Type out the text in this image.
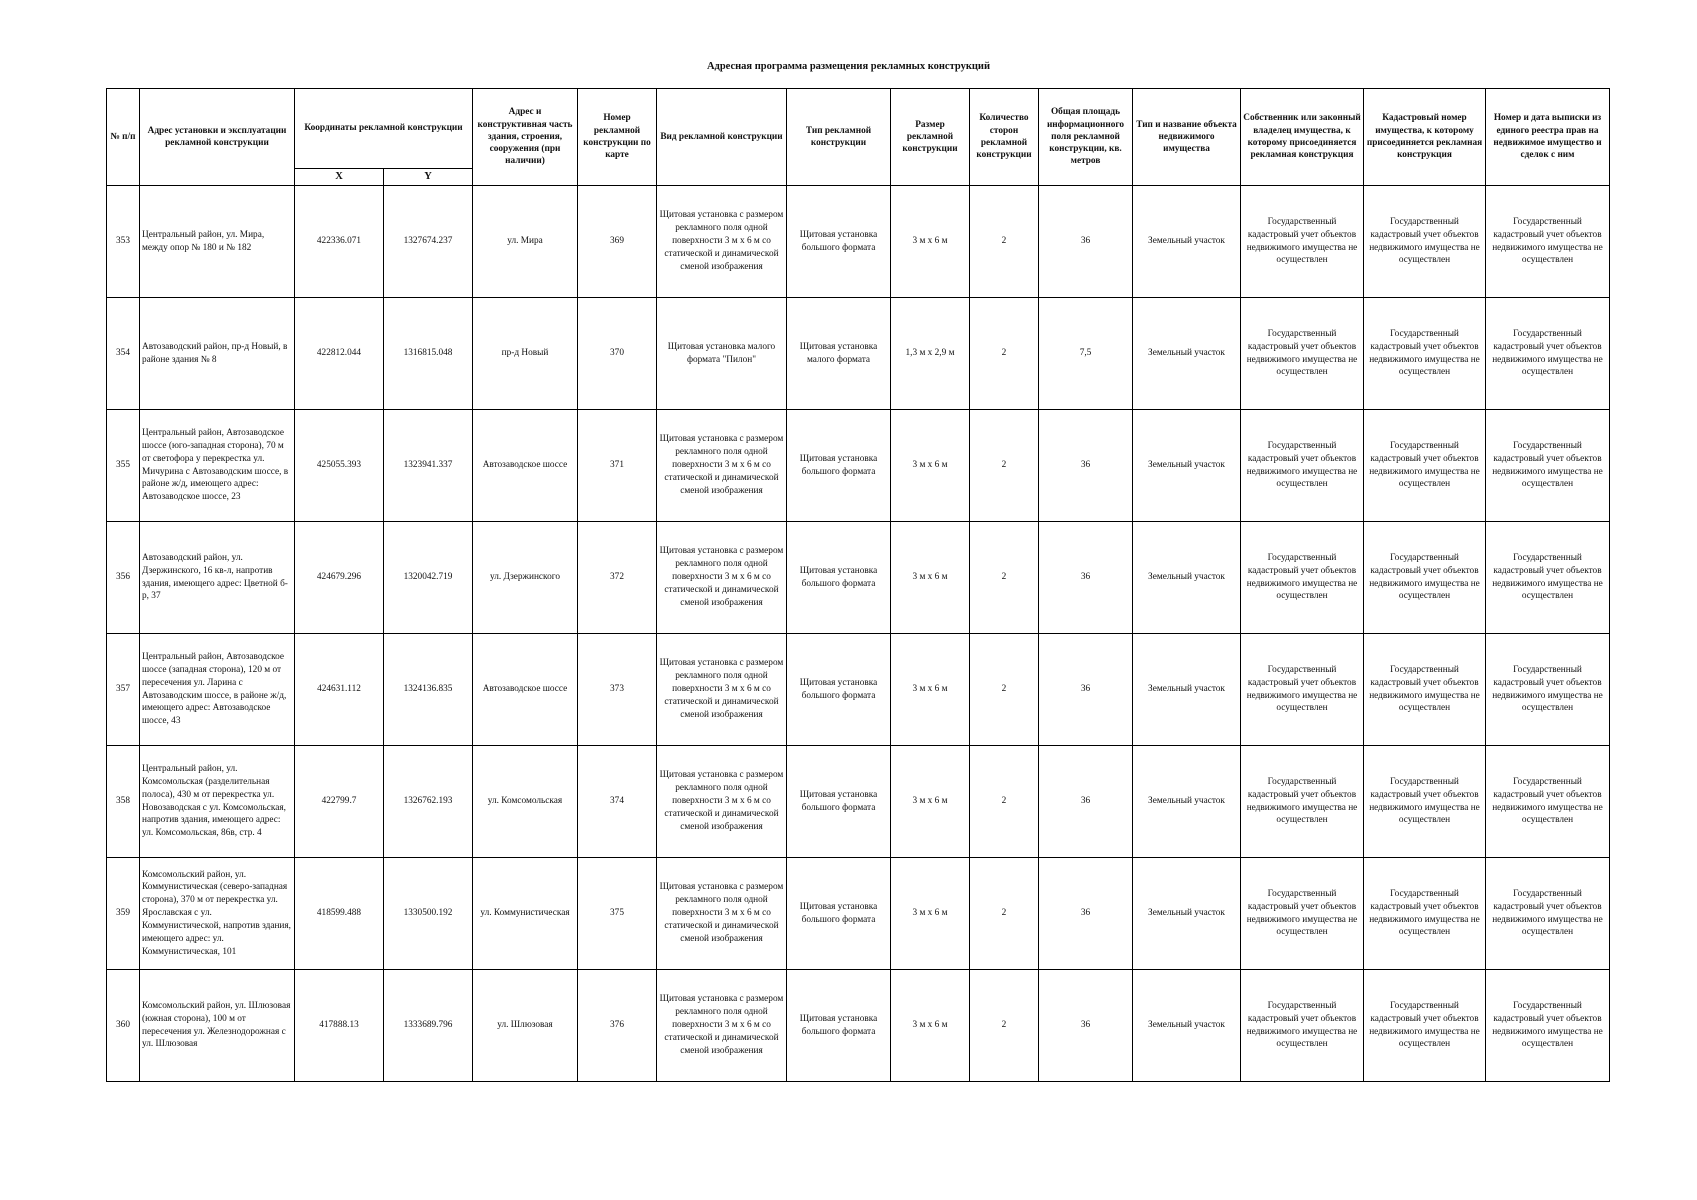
Адресная программа размещения рекламных конструкций
№ п/п	Адрес установки и эксплуатации рекламной конструкции	Координаты рекламной конструкции		Адрес и конструктивная часть здания, строения, сооружения (при наличии)	Номер рекламной конструкции по карте	Вид рекламной конструкции	Тип рекламной конструкции	Размер рекламной конструкции	Количество сторон рекламной конструкции	Общая площадь информационного поля рекламной конструкции, кв. метров	Тип и название объекта недвижимого имущества	Собственник или законный владелец имущества, к которому присоединяется рекламная конструкция	Кадастровый номер имущества, к которому присоединяется рекламная конструкция	Номер и дата выписки из единого реестра прав на недвижимое имущество и сделок с ним
		X	Y											
353	Центральный район, ул. Мира, между опор № 180 и № 182	422336.071	1327674.237	ул. Мира	369	Щитовая установка с размером рекламного поля одной поверхности 3 м х 6 м со статической и динамической сменой изображения	Щитовая установка большого формата	3 м х 6 м	2	36	Земельный участок	Государственный кадастровый учет объектов недвижимого имущества не осуществлен	Государственный кадастровый учет объектов недвижимого имущества не осуществлен	Государственный кадастровый учет объектов недвижимого имущества не осуществлен
354	Автозаводский район, пр-д Новый, в районе здания № 8	422812.044	1316815.048	пр-д Новый	370	Щитовая установка малого формата "Пилон"	Щитовая установка малого формата	1,3 м х 2,9 м	2	7,5	Земельный участок	Государственный кадастровый учет объектов недвижимого имущества не осуществлен	Государственный кадастровый учет объектов недвижимого имущества не осуществлен	Государственный кадастровый учет объектов недвижимого имущества не осуществлен
355	Центральный район, Автозаводское шоссе (юго-западная сторона), 70 м от светофора у перекрестка ул. Мичурина с Автозаводским шоссе, в районе ж/д, имеющего адрес: Автозаводское шоссе, 23	425055.393	1323941.337	Автозаводское шоссе	371	Щитовая установка с размером рекламного поля одной поверхности 3 м х 6 м со статической и динамической сменой изображения	Щитовая установка большого формата	3 м х 6 м	2	36	Земельный участок	Государственный кадастровый учет объектов недвижимого имущества не осуществлен	Государственный кадастровый учет объектов недвижимого имущества не осуществлен	Государственный кадастровый учет объектов недвижимого имущества не осуществлен
356	Автозаводский район, ул. Дзержинского, 16 кв-л, напротив здания, имеющего адрес: Цветной б-р, 37	424679.296	1320042.719	ул. Дзержинского	372	Щитовая установка с размером рекламного поля одной поверхности 3 м х 6 м со статической и динамической сменой изображения	Щитовая установка большого формата	3 м х 6 м	2	36	Земельный участок	Государственный кадастровый учет объектов недвижимого имущества не осуществлен	Государственный кадастровый учет объектов недвижимого имущества не осуществлен	Государственный кадастровый учет объектов недвижимого имущества не осуществлен
357	Центральный район, Автозаводское шоссе (западная сторона), 120 м от пересечения ул. Ларина с Автозаводским шоссе, в районе ж/д, имеющего адрес: Автозаводское шоссе, 43	424631.112	1324136.835	Автозаводское шоссе	373	Щитовая установка с размером рекламного поля одной поверхности 3 м х 6 м со статической и динамической сменой изображения	Щитовая установка большого формата	3 м х 6 м	2	36	Земельный участок	Государственный кадастровый учет объектов недвижимого имущества не осуществлен	Государственный кадастровый учет объектов недвижимого имущества не осуществлен	Государственный кадастровый учет объектов недвижимого имущества не осуществлен
358	Центральный район, ул. Комсомольская (разделительная полоса), 430 м от перекрестка ул. Новозаводская с ул. Комсомольская, напротив здания, имеющего адрес: ул. Комсомольская, 86в, стр. 4	422799.7	1326762.193	ул. Комсомольская	374	Щитовая установка с размером рекламного поля одной поверхности 3 м х 6 м со статической и динамической сменой изображения	Щитовая установка большого формата	3 м х 6 м	2	36	Земельный участок	Государственный кадастровый учет объектов недвижимого имущества не осуществлен	Государственный кадастровый учет объектов недвижимого имущества не осуществлен	Государственный кадастровый учет объектов недвижимого имущества не осуществлен
359	Комсомольский район, ул. Коммунистическая (северо-западная сторона), 370 м от перекрестка ул. Ярославская с ул. Коммунистической, напротив здания, имеющего адрес: ул. Коммунистическая, 101	418599.488	1330500.192	ул. Коммунистическая	375	Щитовая установка с размером рекламного поля одной поверхности 3 м х 6 м со статической и динамической сменой изображения	Щитовая установка большого формата	3 м х 6 м	2	36	Земельный участок	Государственный кадастровый учет объектов недвижимого имущества не осуществлен	Государственный кадастровый учет объектов недвижимого имущества не осуществлен	Государственный кадастровый учет объектов недвижимого имущества не осуществлен
360	Комсомольский район, ул. Шлюзовая (южная сторона), 100 м от пересечения ул. Железнодорожная с ул. Шлюзовая	417888.13	1333689.796	ул. Шлюзовая	376	Щитовая установка с размером рекламного поля одной поверхности 3 м х 6 м со статической и динамической сменой изображения	Щитовая установка большого формата	3 м х 6 м	2	36	Земельный участок	Государственный кадастровый учет объектов недвижимого имущества не осуществлен	Государственный кадастровый учет объектов недвижимого имущества не осуществлен	Государственный кадастровый учет объектов недвижимого имущества не осуществлен
